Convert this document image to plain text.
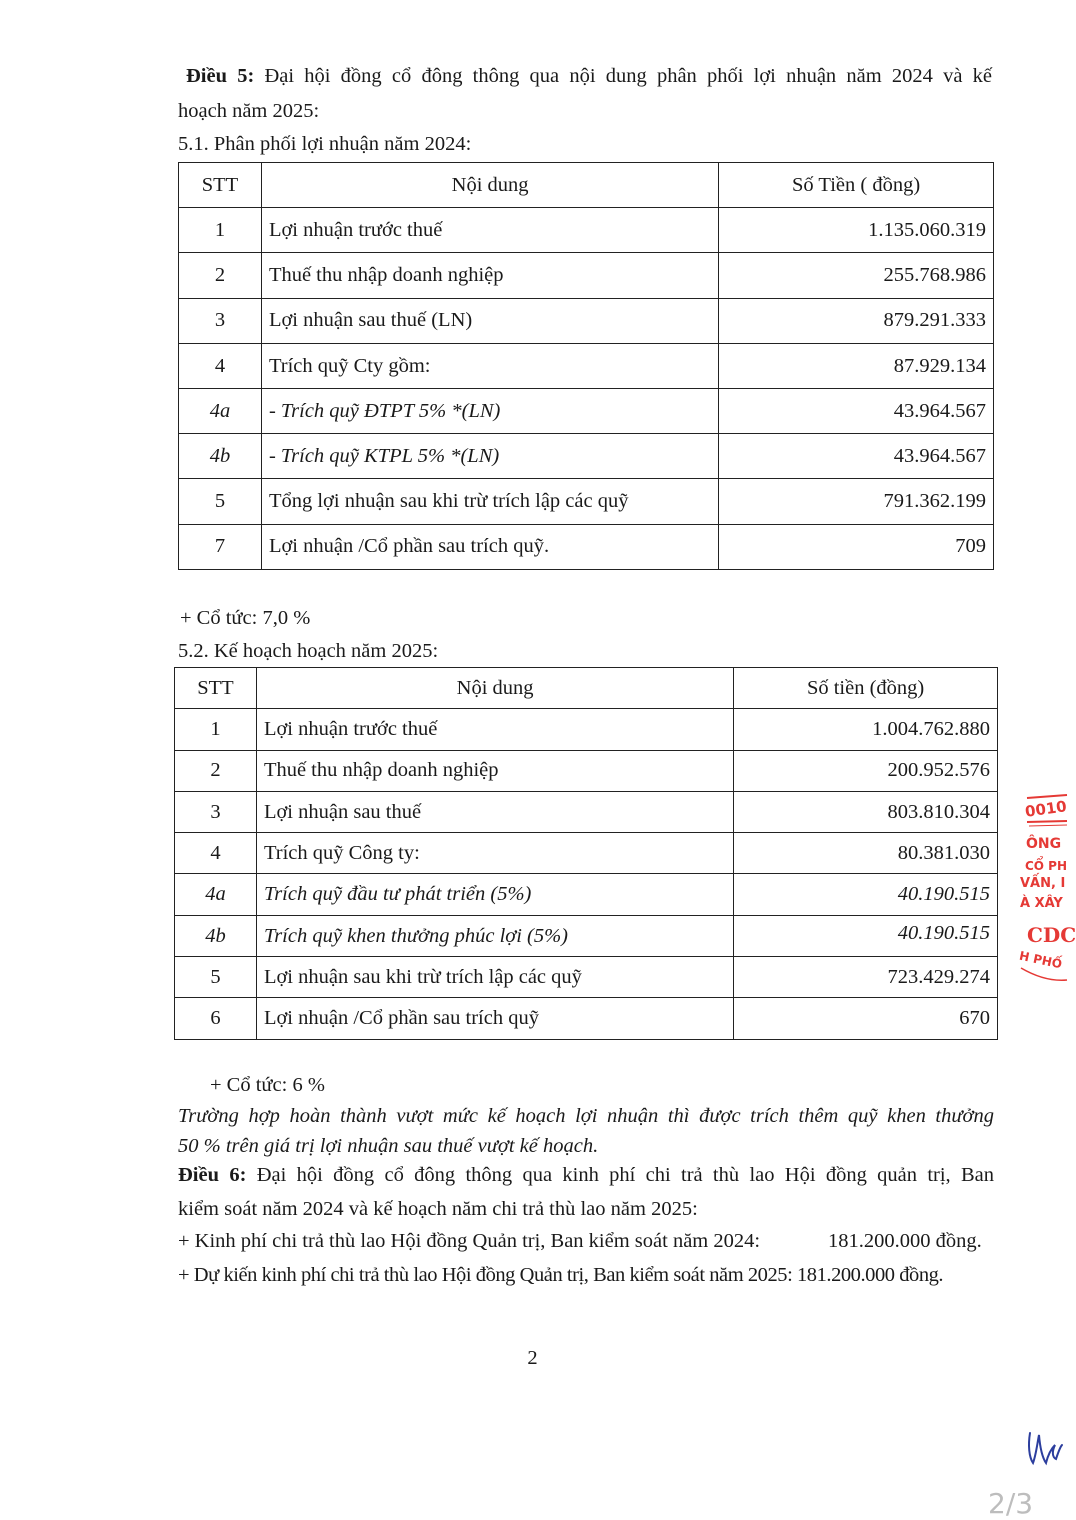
Điều 5: Đại hội đồng cổ đông thông qua nội dung phân phối lợi nhuận năm 2024 và kế
hoạch năm 2025:
5.1. Phân phối lợi nhuận năm 2024:
STT	Nội dung	Số Tiền ( đồng)
1	Lợi nhuận trước thuế	1.135.060.319
2	Thuế thu nhập doanh nghiệp	255.768.986
3	Lợi nhuận sau thuế (LN)	879.291.333
4	Trích quỹ Cty gồm:	87.929.134
4a	- Trích quỹ ĐTPT 5% *(LN)	43.964.567
4b	- Trích quỹ KTPL 5% *(LN)	43.964.567
5	Tổng lợi nhuận sau khi trừ trích lập các quỹ	791.362.199
7	Lợi nhuận /Cổ phần sau trích quỹ.	709
+ Cổ tức: 7,0 %
5.2. Kế hoạch hoạch năm 2025:
STT	Nội dung	Số tiền (đồng)
1	Lợi nhuận trước thuế	1.004.762.880
2	Thuế thu nhập doanh nghiệp	200.952.576
3	Lợi nhuận sau thuế	803.810.304
4	Trích quỹ Công ty:	80.381.030
4a	Trích quỹ đầu tư phát triển (5%)	40.190.515
4b	Trích quỹ khen thưởng phúc lợi (5%)	40.190.515
5	Lợi nhuận sau khi trừ trích lập các quỹ	723.429.274
6	Lợi nhuận /Cổ phần sau trích quỹ	670
+ Cổ tức: 6 %
Trường hợp hoàn thành vượt mức kế hoạch lợi nhuận thì được trích thêm quỹ khen thưởng
50 % trên giá trị lợi nhuận sau thuế vượt kế hoạch.
Điều 6: Đại hội đồng cổ đông thông qua kinh phí chi trả thù lao Hội đồng quản trị, Ban
kiểm soát năm 2024 và kế hoạch năm chi trả thù lao năm 2025:
+ Kinh phí chi trả thù lao Hội đồng Quản trị, Ban kiểm soát năm 2024:	181.200.000 đồng.
+ Dự kiến kinh phí chi trả thù lao Hội đồng Quản trị, Ban kiểm soát năm 2025: 181.200.000 đồng.
2
0010
ÔNG
CỔ PH
VẤN, I
À XÂY
CDC
H PHỐ
2/3
